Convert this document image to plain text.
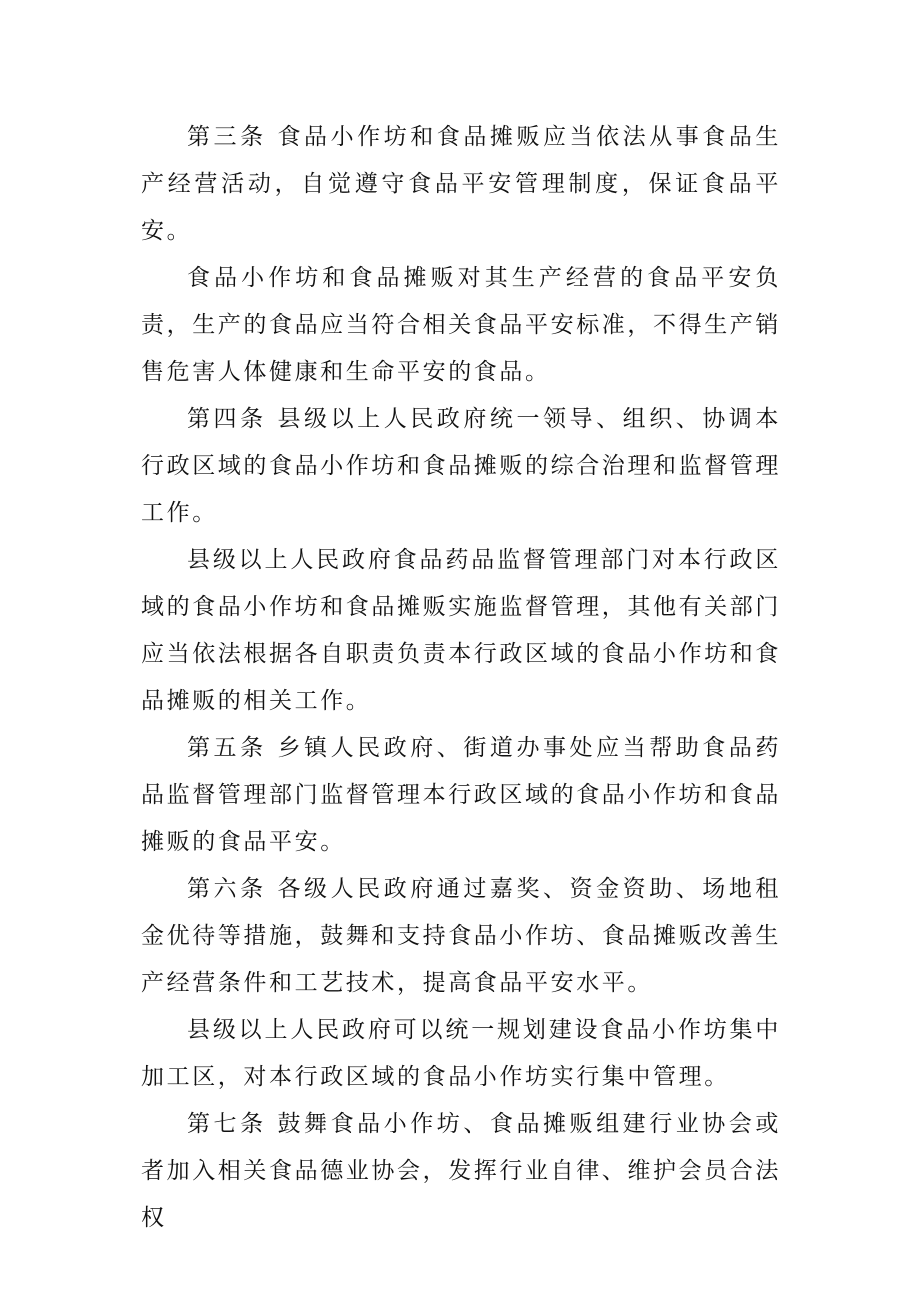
第三条 食品小作坊和食品摊贩应当依法从事食品生产经营活动，自觉遵守食品平安管理制度，保证食品平安。

食品小作坊和食品摊贩对其生产经营的食品平安负责，生产的食品应当符合相关食品平安标准，不得生产销售危害人体健康和生命平安的食品。

第四条 县级以上人民政府统一领导、组织、协调本行政区域的食品小作坊和食品摊贩的综合治理和监督管理工作。

县级以上人民政府食品药品监督管理部门对本行政区域的食品小作坊和食品摊贩实施监督管理，其他有关部门应当依法根据各自职责负责本行政区域的食品小作坊和食品摊贩的相关工作。

第五条 乡镇人民政府、街道办事处应当帮助食品药品监督管理部门监督管理本行政区域的食品小作坊和食品摊贩的食品平安。

第六条 各级人民政府通过嘉奖、资金资助、场地租金优待等措施，鼓舞和支持食品小作坊、食品摊贩改善生产经营条件和工艺技术，提高食品平安水平。

县级以上人民政府可以统一规划建设食品小作坊集中加工区，对本行政区域的食品小作坊实行集中管理。

第七条 鼓舞食品小作坊、食品摊贩组建行业协会或者加入相关食品德业协会，发挥行业自律、维护会员合法权
